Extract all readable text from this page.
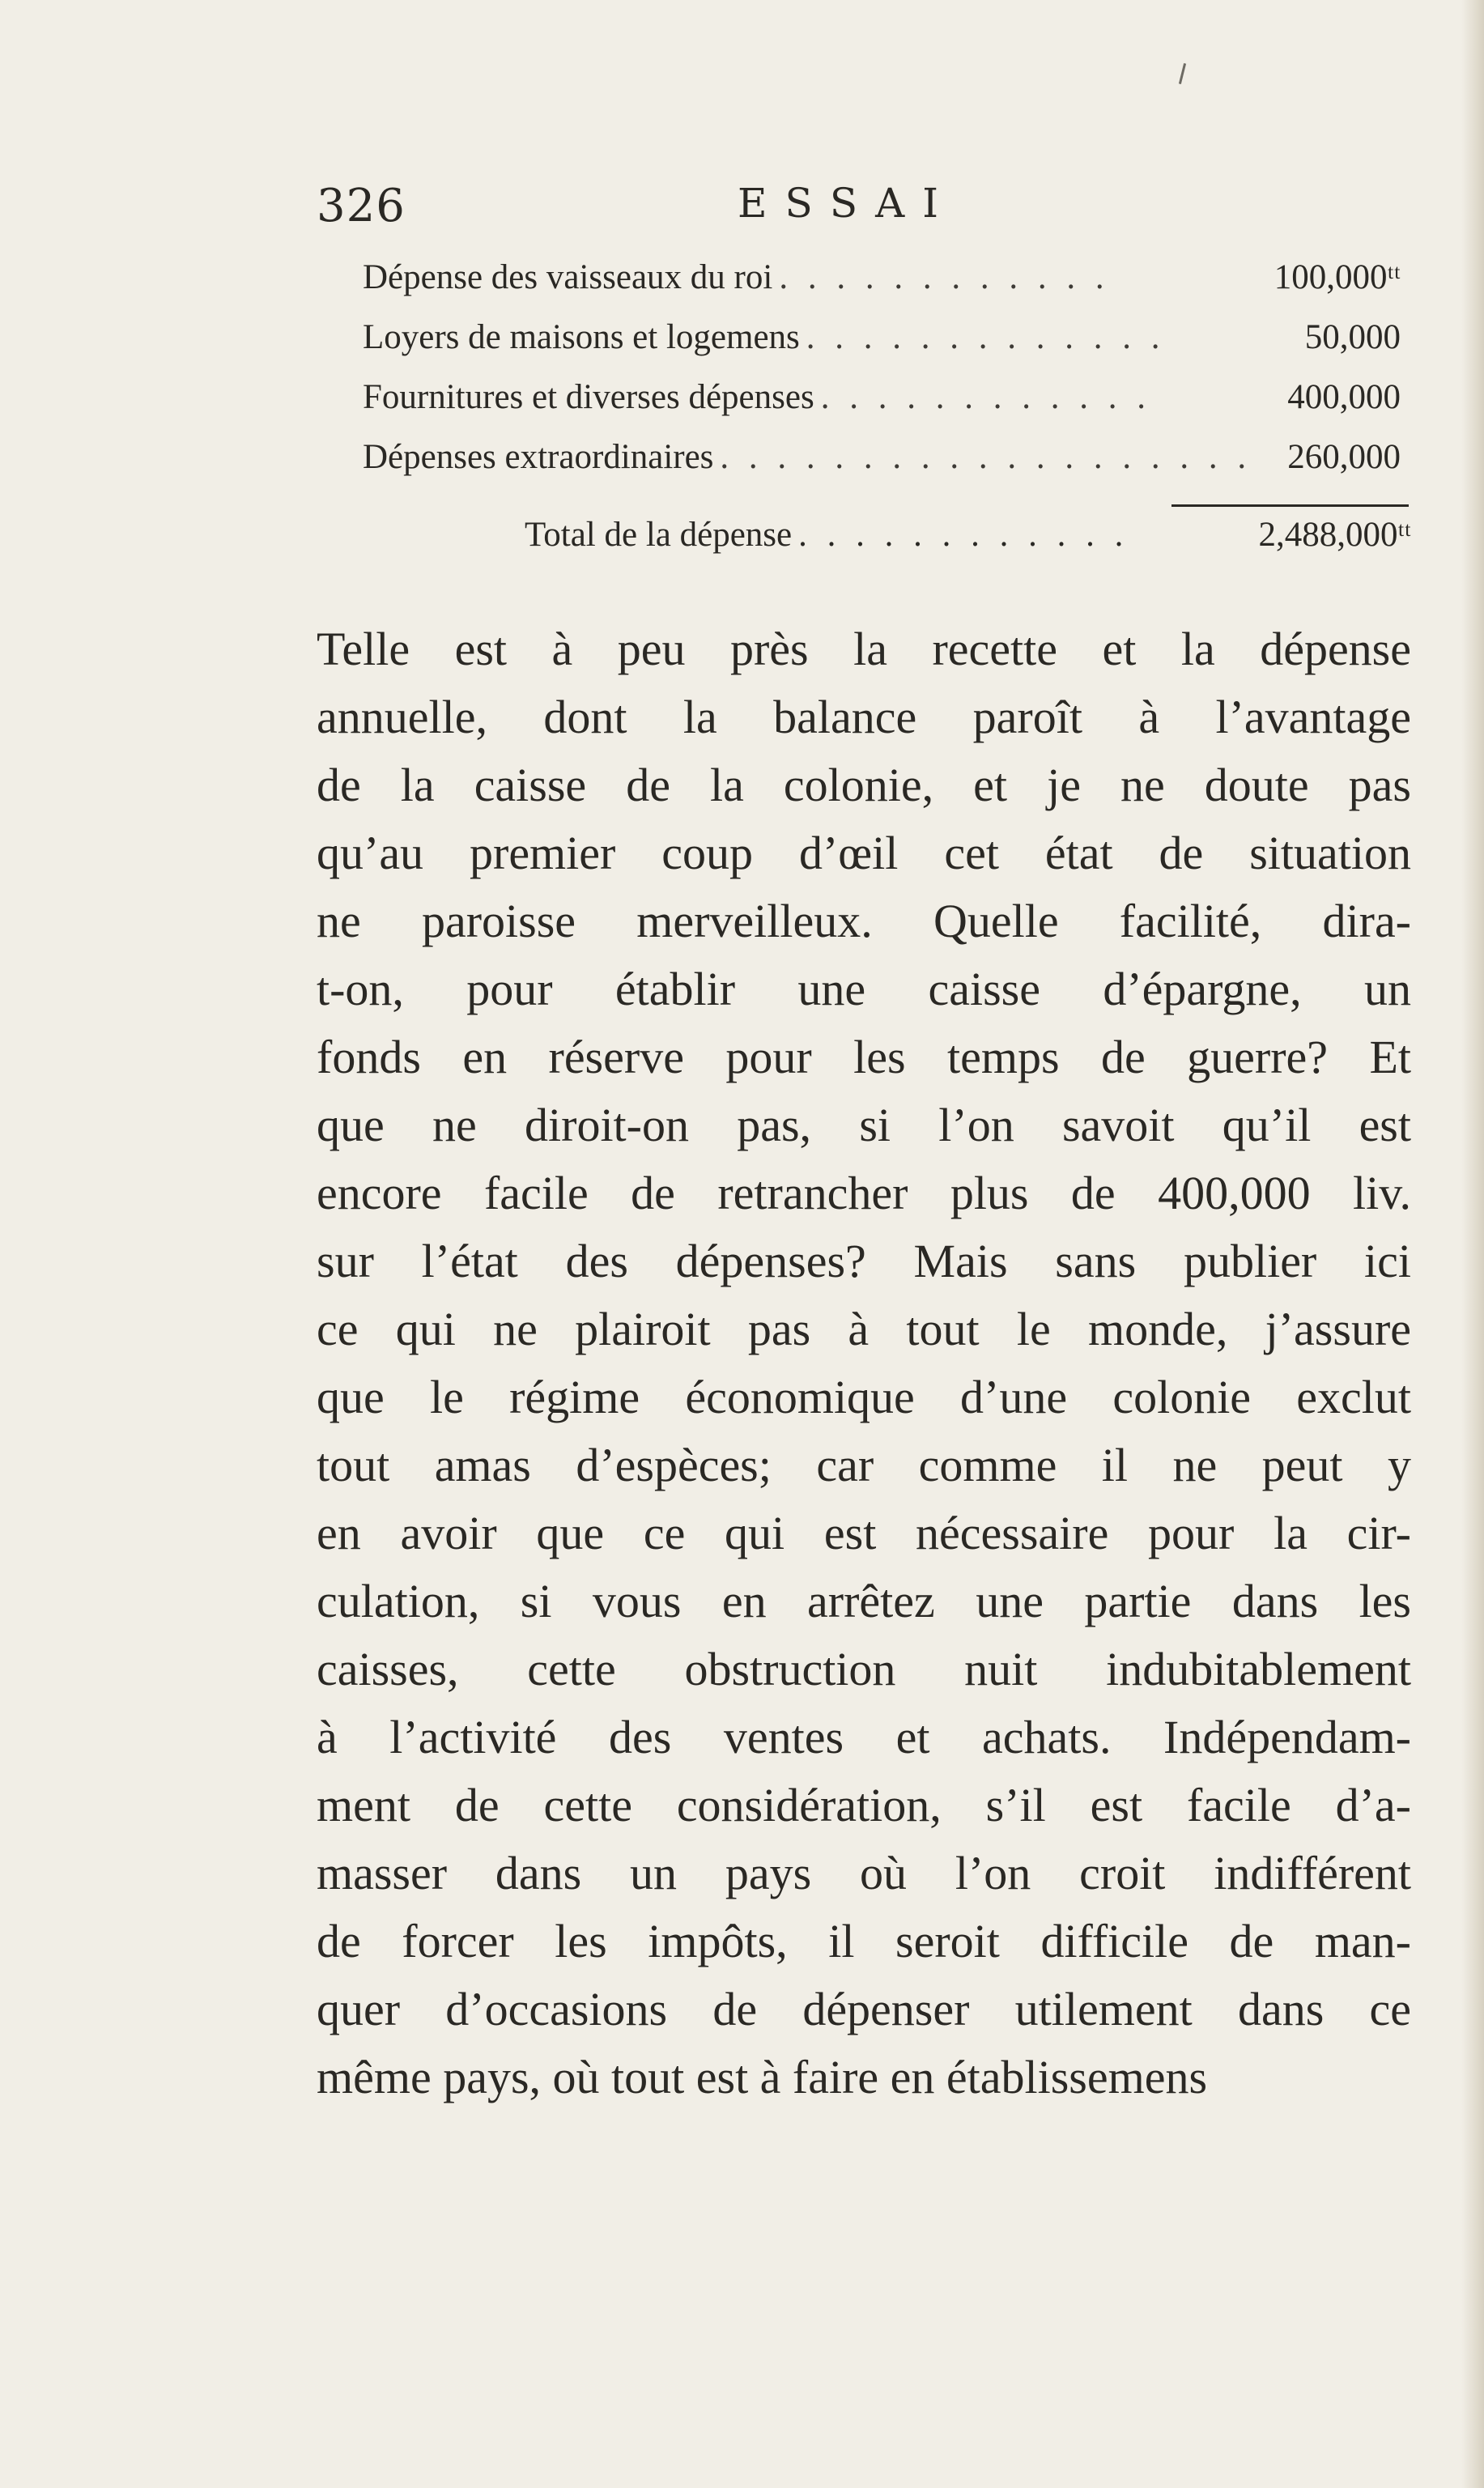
326	ESSAI
Dépense des vaisseaux du roi . . . . . . . . . . . .	100,000ᵗᵗ
Loyers de maisons et logemens . . . . . . . . . . . . .	50,000
Fournitures et diverses dépenses . . . . . . . . . . . .	400,000
Dépenses extraordinaires . . . . . . . . . . . . . . . . . . .	260,000
Total de la dépense . . . . . . . . . . . .	2,488,000ᵗᵗ
Telle est à peu près la recette et la dépense
annuelle, dont la balance paroît à l’avantage
de la caisse de la colonie, et je ne doute pas
qu’au premier coup d’œil cet état de situation
ne paroisse merveilleux. Quelle facilité, dira-
t-on, pour établir une caisse d’épargne, un
fonds en réserve pour les temps de guerre? Et
que ne diroit-on pas, si l’on savoit qu’il est
encore facile de retrancher plus de 400,000 liv.
sur l’état des dépenses? Mais sans publier ici
ce qui ne plairoit pas à tout le monde, j’assure
que le régime économique d’une colonie exclut
tout amas d’espèces; car comme il ne peut y
en avoir que ce qui est nécessaire pour la cir-
culation, si vous en arrêtez une partie dans les
caisses, cette obstruction nuit indubitablement
à l’activité des ventes et achats. Indépendam-
ment de cette considération, s’il est facile d’a-
masser dans un pays où l’on croit indifférent
de forcer les impôts, il seroit difficile de man-
quer d’occasions de dépenser utilement dans ce
même pays, où tout est à faire en établissemens
